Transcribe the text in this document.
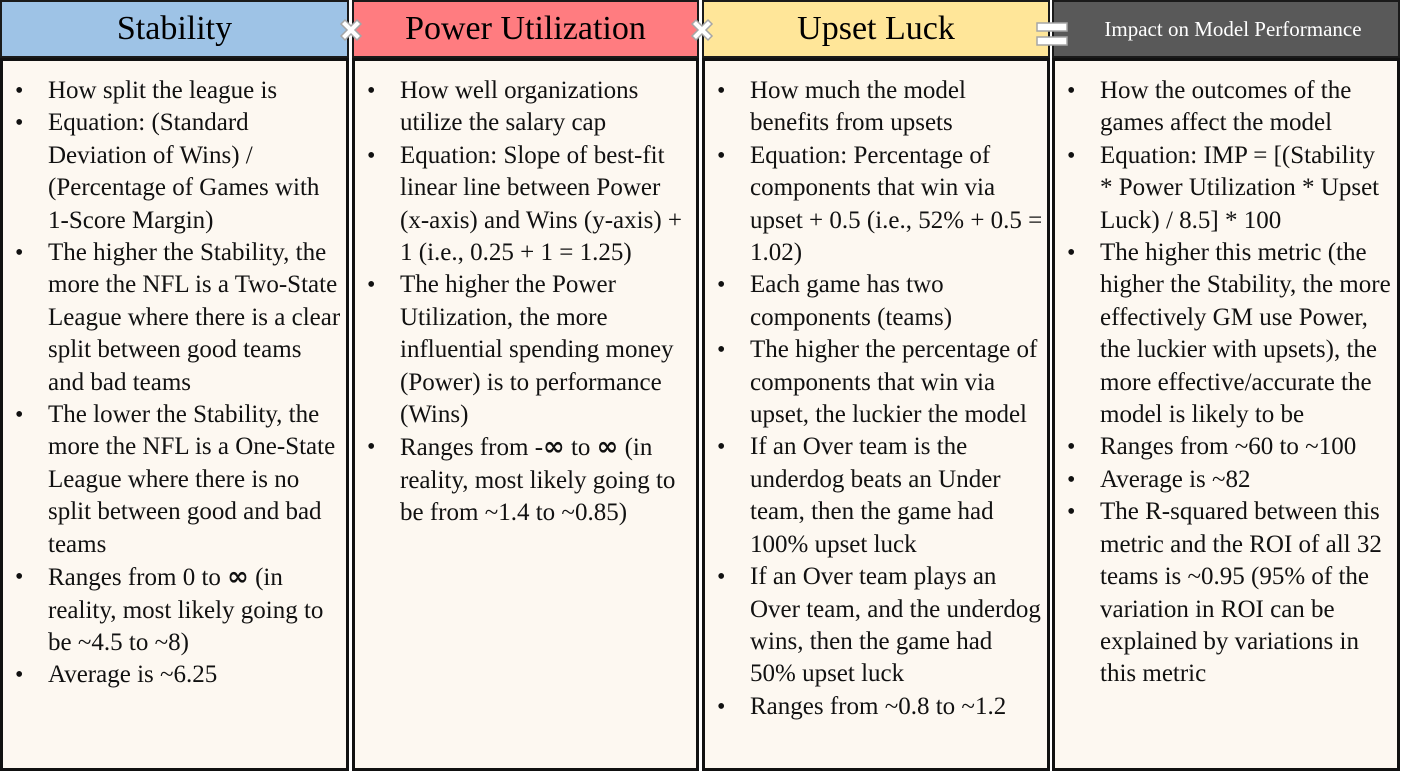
Stability
• How split the league is
• Equation: (Standard Deviation of Wins) / (Percentage of Games with 1-Score Margin)
• The higher the Stability, the more the NFL is a Two-State League where there is a clear split between good teams and bad teams
• The lower the Stability, the more the NFL is a One-State League where there is no split between good and bad teams
• Ranges from 0 to ∞ (in reality, most likely going to be ~4.5 to ~8)
• Average is ~6.25
Power Utilization
• How well organizations utilize the salary cap
• Equation: Slope of best-fit linear line between Power (x-axis) and Wins (y-axis) + 1 (i.e., 0.25 + 1 = 1.25)
• The higher the Power Utilization, the more influential spending money (Power) is to performance (Wins)
• Ranges from -∞ to ∞ (in reality, most likely going to be from ~1.4 to ~0.85)
Upset Luck
• How much the model benefits from upsets
• Equation: Percentage of components that win via upset + 0.5 (i.e., 52% + 0.5 = 1.02)
• Each game has two components (teams)
• The higher the percentage of components that win via upset, the luckier the model
• If an Over team is the underdog beats an Under team, then the game had 100% upset luck
• If an Over team plays an Over team, and the underdog wins, then the game had 50% upset luck
• Ranges from ~0.8 to ~1.2
Impact on Model Performance
• How the outcomes of the games affect the model
• Equation: IMP = [(Stability * Power Utilization * Upset Luck) / 8.5] * 100
• The higher this metric (the higher the Stability, the more effectively GM use Power, the luckier with upsets), the more effective/accurate the model is likely to be
• Ranges from ~60 to ~100
• Average is ~82
• The R-squared between this metric and the ROI of all 32 teams is ~0.95 (95% of the variation in ROI can be explained by variations in this metric
